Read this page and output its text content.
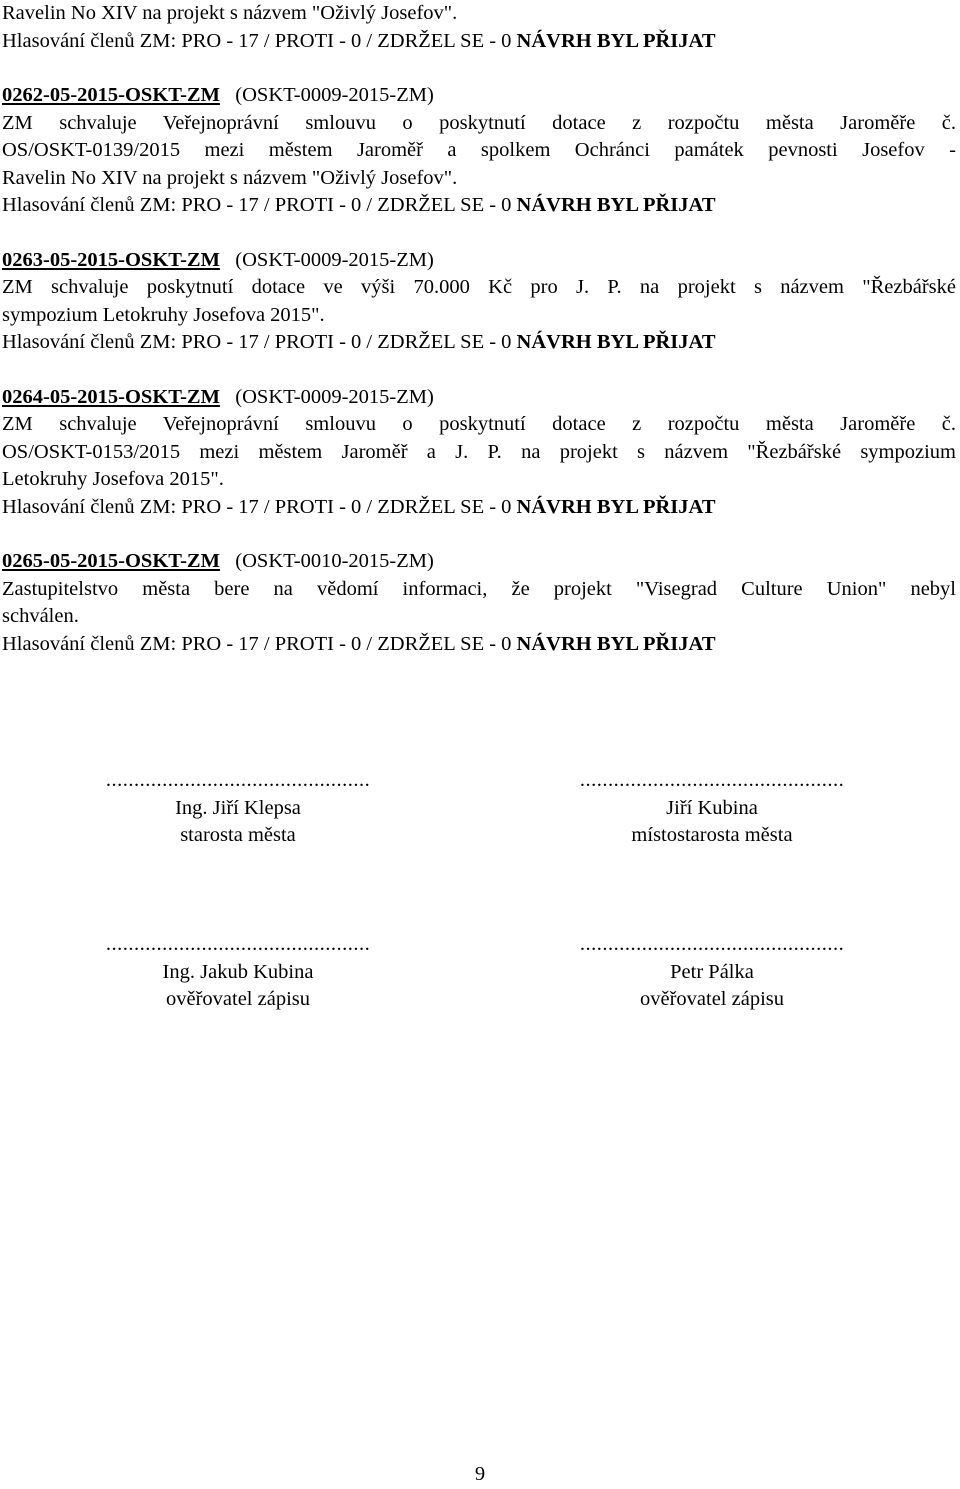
Ravelin No XIV na projekt s názvem "Oživlý Josefov".
Hlasování členů ZM: PRO - 17 / PROTI - 0 / ZDRŽEL SE - 0 NÁVRH BYL PŘIJAT
0262-05-2015-OSKT-ZM (OSKT-0009-2015-ZM)
ZM schvaluje Veřejnoprávní smlouvu o poskytnutí dotace z rozpočtu města Jaroměře č.
OS/OSKT-0139/2015 mezi městem Jaroměř a spolkem Ochránci památek pevnosti Josefov -
Ravelin No XIV na projekt s názvem "Oživlý Josefov".
Hlasování členů ZM: PRO - 17 / PROTI - 0 / ZDRŽEL SE - 0 NÁVRH BYL PŘIJAT
0263-05-2015-OSKT-ZM (OSKT-0009-2015-ZM)
ZM schvaluje poskytnutí dotace ve výši 70.000 Kč pro J. P. na projekt s názvem "Řezbářské
sympozium Letokruhy Josefova 2015".
Hlasování členů ZM: PRO - 17 / PROTI - 0 / ZDRŽEL SE - 0 NÁVRH BYL PŘIJAT
0264-05-2015-OSKT-ZM (OSKT-0009-2015-ZM)
ZM schvaluje Veřejnoprávní smlouvu o poskytnutí dotace z rozpočtu města Jaroměře č.
OS/OSKT-0153/2015 mezi městem Jaroměř a J. P. na projekt s názvem "Řezbářské sympozium
Letokruhy Josefova 2015".
Hlasování členů ZM: PRO - 17 / PROTI - 0 / ZDRŽEL SE - 0 NÁVRH BYL PŘIJAT
0265-05-2015-OSKT-ZM (OSKT-0010-2015-ZM)
Zastupitelstvo města bere na vědomí informaci, že projekt "Visegrad Culture Union" nebyl
schválen.
Hlasování členů ZM: PRO - 17 / PROTI - 0 / ZDRŽEL SE - 0 NÁVRH BYL PŘIJAT
...............................................
Ing. Jiří Klepsa
starosta města
...............................................
Jiří Kubina
místostarosta města
...............................................
Ing. Jakub Kubina
ověřovatel zápisu
...............................................
Petr Pálka
ověřovatel zápisu
9
